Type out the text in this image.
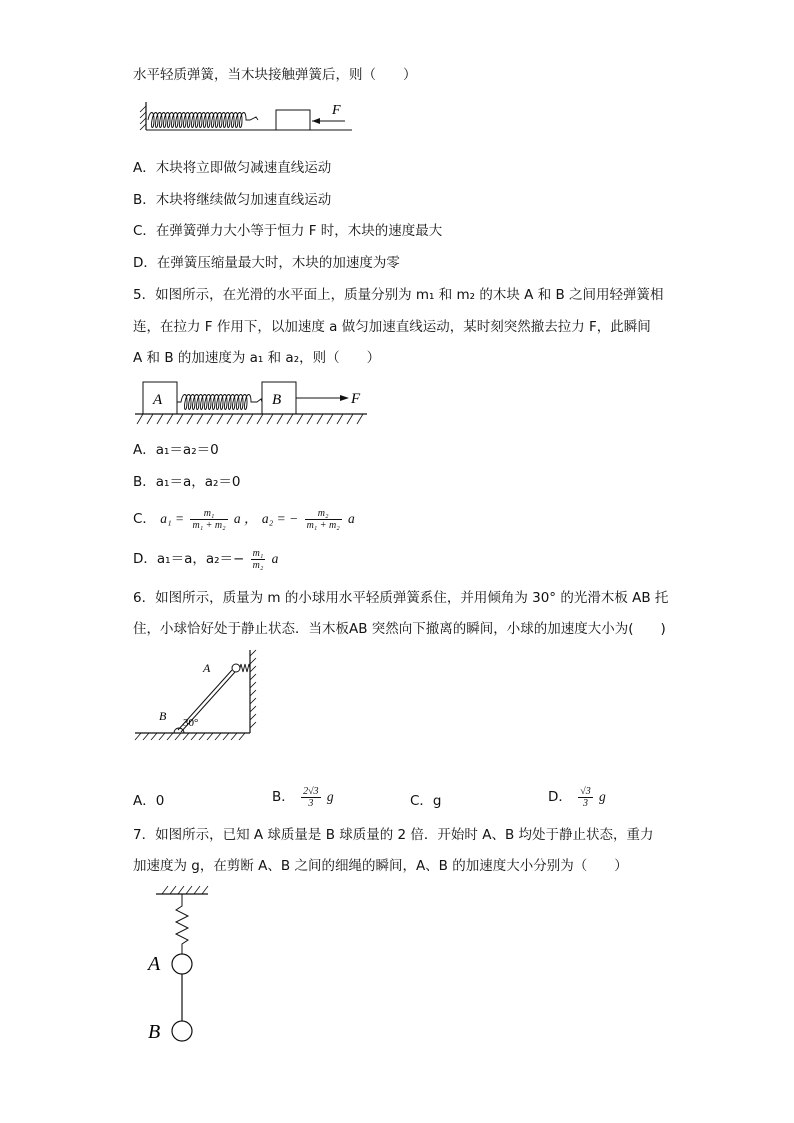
水平轻质弹簧，当木块接触弹簧后，则（　　）
F
A．木块将立即做匀减速直线运动
B．木块将继续做匀加速直线运动
C．在弹簧弹力大小等于恒力 F 时，木块的速度最大
D．在弹簧压缩量最大时，木块的加速度为零
5．如图所示，在光滑的水平面上，质量分别为 m₁ 和 m₂ 的木块 A 和 B 之间用轻弹簧相
连，在拉力 F 作用下，以加速度 a 做匀加速直线运动，某时刻突然撤去拉力 F，此瞬间
A 和 B 的加速度为 a₁ 和 a₂，则（　　）
A	B	F
A．a₁＝a₂＝0
B．a₁＝a，a₂＝0
C． $a_1 = \frac{\text{m₁}}{\text{m₁ + m₂}}$ a ， a₂ = − $\frac{\text{m₂}}{\text{m₁ + m₂}}$ a
D．a₁＝a，$a_2=- \frac{\text{m₁}}{\text{m₂}}$ a
6．如图所示，质量为 m 的小球用水平轻质弹簧系住，并用倾角为 30° 的光滑木板 AB 托
住，小球恰好处于静止状态．当木板AB 突然向下撤离的瞬间，小球的加速度大小为(　　)
A
B 30°
A．0	B． $\frac{2√3}{3}$ g	C．g	D． $\frac{√3}{3}$ g
7．如图所示，已知 A 球质量是 B 球质量的 2 倍．开始时 A、B 均处于静止状态，重力
加速度为 g，在剪断 A、B 之间的细绳的瞬间，A、B 的加速度大小分别为（　　）
A
B
